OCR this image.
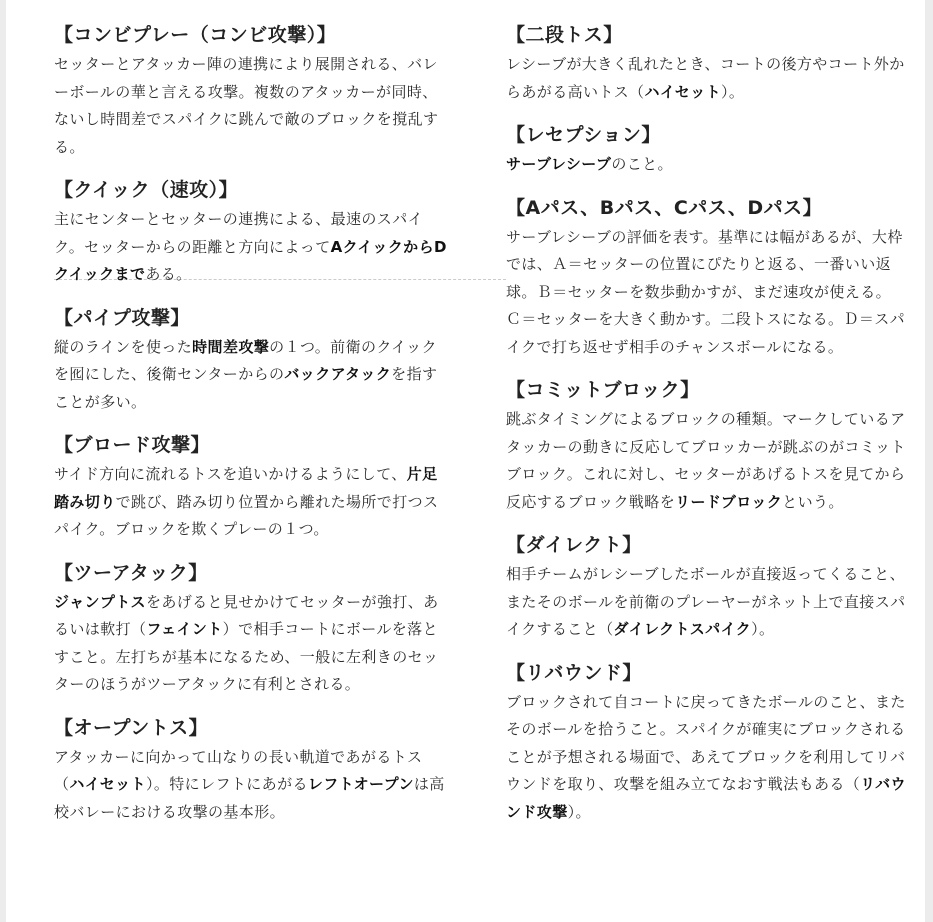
【コンビプレー（コンビ攻撃）】
セッターとアタッカー陣の連携により展開される、バレーボールの華と言える攻撃。複数のアタッカーが同時、ないし時間差でスパイクに跳んで敵のブロックを撹乱する。
【クイック（速攻）】
主にセンターとセッターの連携による、最速のスパイク。セッターからの距離と方向によってAクイックからDクイックまである。
【パイプ攻撃】
縦のラインを使った時間差攻撃の１つ。前衛のクイックを囮にした、後衛センターからのバックアタックを指すことが多い。
【ブロード攻撃】
サイド方向に流れるトスを追いかけるようにして、片足踏み切りで跳び、踏み切り位置から離れた場所で打つスパイク。ブロックを欺くプレーの１つ。
【ツーアタック】
ジャンプトスをあげると見せかけてセッターが強打、あるいは軟打（フェイント）で相手コートにボールを落とすこと。左打ちが基本になるため、一般に左利きのセッターのほうがツーアタックに有利とされる。
【オープントス】
アタッカーに向かって山なりの長い軌道であがるトス（ハイセット）。特にレフトにあがるレフトオープンは高校バレーにおける攻撃の基本形。
【二段トス】
レシーブが大きく乱れたとき、コートの後方やコート外からあがる高いトス（ハイセット）。
【レセプション】
サーブレシーブのこと。
【Aパス、Bパス、Cパス、Dパス】
サーブレシーブの評価を表す。基準には幅があるが、大枠では、Ａ＝セッターの位置にぴたりと返る、一番いい返球。Ｂ＝セッターを数歩動かすが、まだ速攻が使える。Ｃ＝セッターを大きく動かす。二段トスになる。Ｄ＝スパイクで打ち返せず相手のチャンスボールになる。
【コミットブロック】
跳ぶタイミングによるブロックの種類。マークしているアタッカーの動きに反応してブロッカーが跳ぶのがコミットブロック。これに対し、セッターがあげるトスを見てから反応するブロック戦略をリードブロックという。
【ダイレクト】
相手チームがレシーブしたボールが直接返ってくること、またそのボールを前衛のプレーヤーがネット上で直接スパイクすること（ダイレクトスパイク）。
【リバウンド】
ブロックされて自コートに戻ってきたボールのこと、またそのボールを拾うこと。スパイクが確実にブロックされることが予想される場面で、あえてブロックを利用してリバウンドを取り、攻撃を組み立てなおす戦法もある（リバウンド攻撃）。
